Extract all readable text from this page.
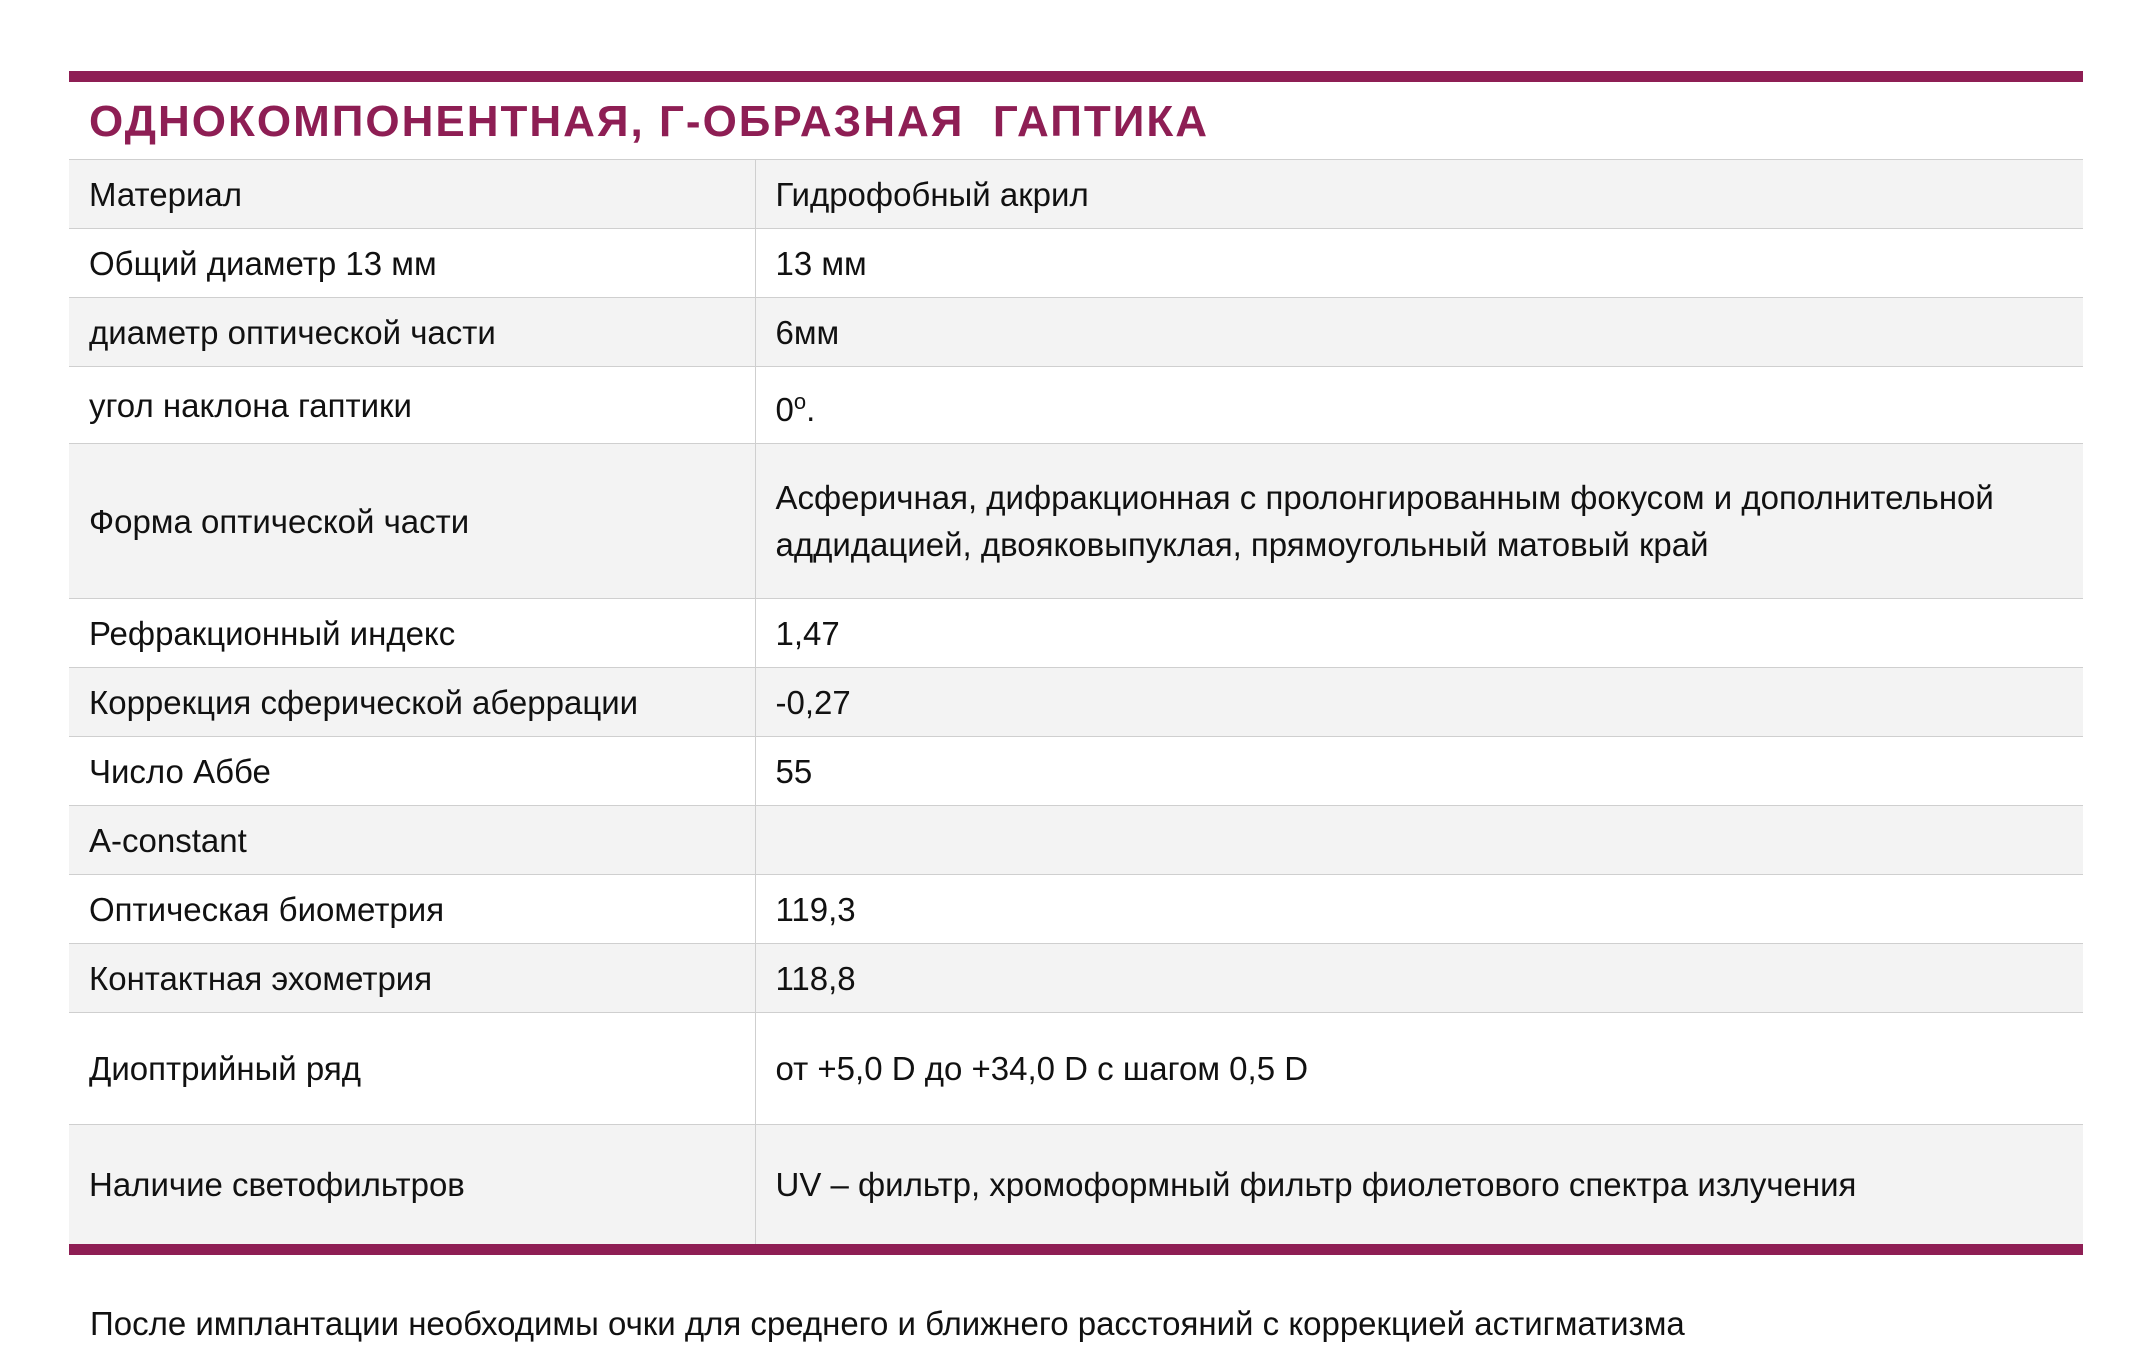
ОДНОКОМПОНЕНТНАЯ, Г-ОБРАЗНАЯ  ГАПТИКА
Материал	Гидрофобный акрил
Общий диаметр 13 мм	13 мм
диаметр оптической части	6мм
угол наклона гаптики	$0^о$.
Форма оптической части	Асферичная, дифракционная с пролонгированным фокусом и дополнительной аддидацией, двояковыпуклая, прямоугольный матовый край
Рефракционный индекс	1,47
Коррекция сферической аберрации	-0,27
Число Аббе	55
A-constant	
Оптическая биометрия	119,3
Контактная эхометрия	118,8
Диоптрийный ряд	от +5,0 D до +34,0 D с шагом 0,5 D
Наличие светофильтров	UV – фильтр, хромоформный фильтр фиолетового спектра излучения
После имплантации необходимы очки для среднего и ближнего расстояний с коррекцией астигматизма
